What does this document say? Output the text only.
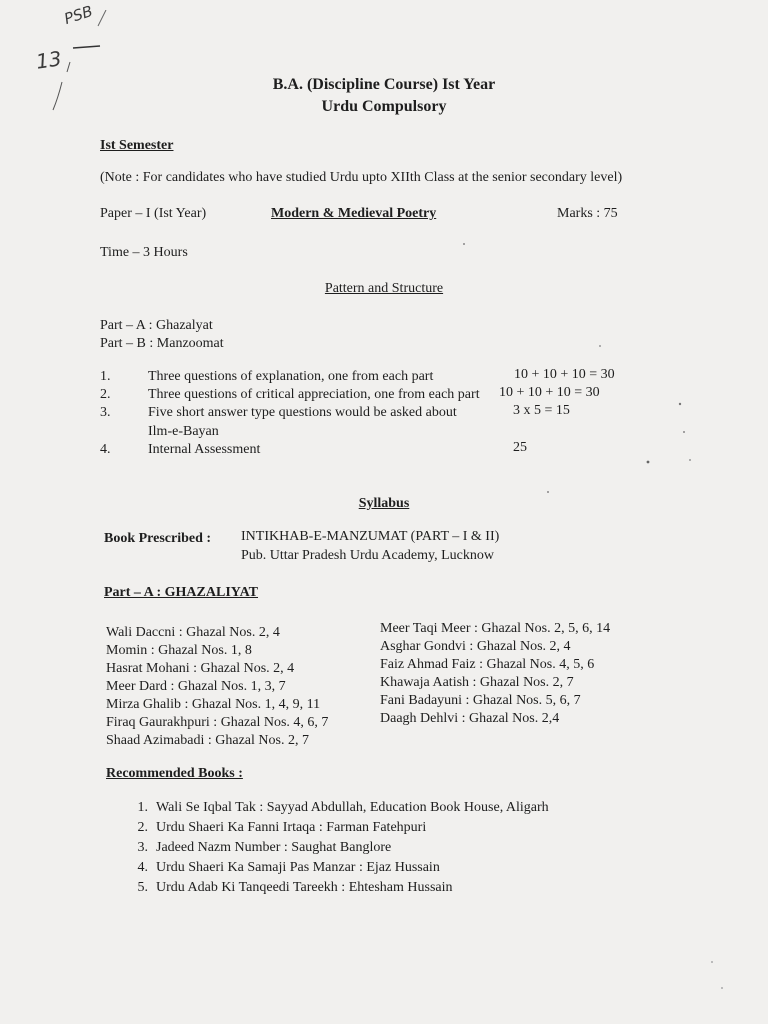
PSB
13
B.A. (Discipline Course) Ist Year
Urdu Compulsory
Ist Semester
(Note : For candidates who have studied Urdu upto XIIth Class at the senior secondary level)
Paper – I (Ist Year)	Modern & Medieval Poetry	Marks : 75
Time – 3 Hours
Pattern and Structure
Part – A : Ghazalyat
Part – B : Manzoomat
1.	Three questions of explanation, one from each part	10 + 10 + 10 = 30
2.	Three questions of critical appreciation, one from each part 10 + 10 + 10 = 30
3.	Five short answer type questions would be asked about	3 x 5 = 15
Ilm-e-Bayan
4.	Internal Assessment	25
Syllabus
Book Prescribed : INTIKHAB-E-MANZUMAT (PART – I & II)
Pub. Uttar Pradesh Urdu Academy, Lucknow
Part – A : GHAZALIYAT
Wali Daccni : Ghazal Nos. 2, 4
Momin : Ghazal Nos. 1, 8
Hasrat Mohani : Ghazal Nos. 2, 4
Meer Dard : Ghazal Nos. 1, 3, 7
Mirza Ghalib : Ghazal Nos. 1, 4, 9, 11
Firaq Gaurakhpuri : Ghazal Nos. 4, 6, 7
Shaad Azimabadi : Ghazal Nos. 2, 7
Meer Taqi Meer : Ghazal Nos. 2, 5, 6, 14
Asghar Gondvi : Ghazal Nos. 2, 4
Faiz Ahmad Faiz : Ghazal Nos. 4, 5, 6
Khawaja Aatish : Ghazal Nos. 2, 7
Fani Badayuni : Ghazal Nos. 5, 6, 7
Daagh Dehlvi : Ghazal Nos. 2,4
Recommended Books :
1. Wali Se Iqbal Tak : Sayyad Abdullah, Education Book House, Aligarh
2. Urdu Shaeri Ka Fanni Irtaqa : Farman Fatehpuri
3. Jadeed Nazm Number : Saughat Banglore
4. Urdu Shaeri Ka Samaji Pas Manzar : Ejaz Hussain
5. Urdu Adab Ki Tanqeedi Tareekh : Ehtesham Hussain
